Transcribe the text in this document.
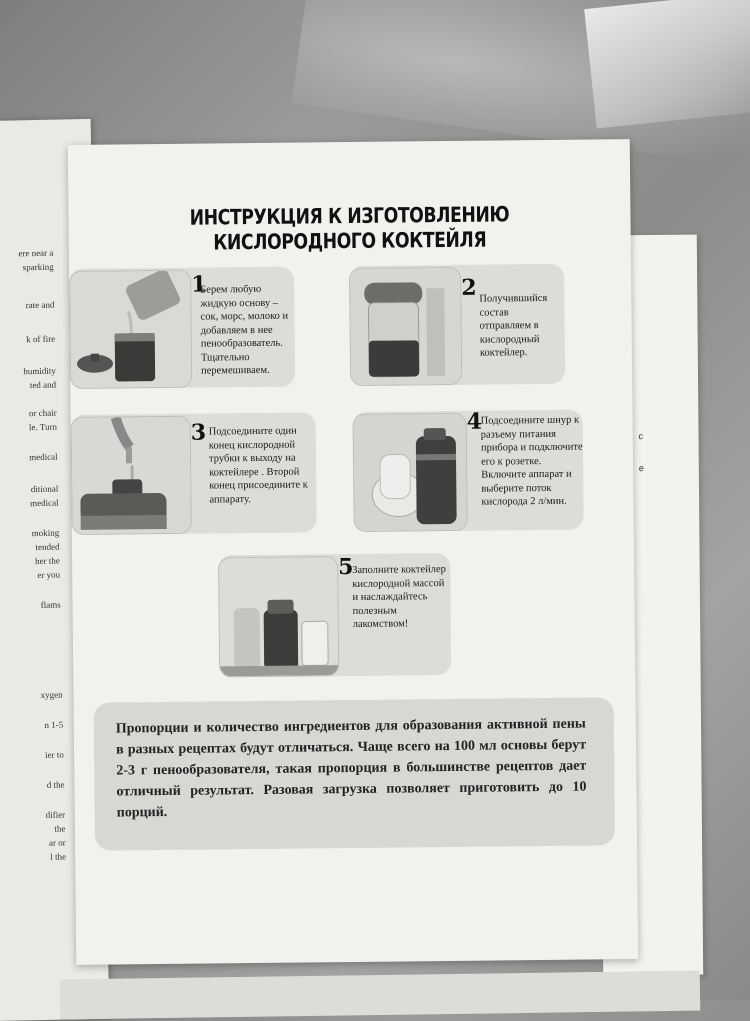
ere near a
sparking
rate and
k of fire
humidity
ted and
or chair
le. Turn
medical
ditional
medical
moking
tended
her the
er you
flams
xygen
n 1-5
ier to
d the
difier
the
ar or
l the
c
e
ИНСТРУКЦИЯ К ИЗГОТОВЛЕНИЮ КИСЛОРОДНОГО КОКТЕЙЛЯ
1
Берем любую жидкую основу – сок, морс, молоко и добавляем в нее пенообразователь. Тщательно перемешиваем.
2 Получившийся состав отправляем в кислородный коктейлер.
3 Подсоедините один конец кислородной трубки к выходу на коктейлере . Второй конец присоедините к аппарату.
4
Подсоедините шнур к разъему питания прибора и подключите его к розетке. Включите аппарат и выберите поток кислорода 2 л/мин.
5
Заполните коктейлер кислородной массой и наслаждайтесь полезным лакомством!

Пропорции и количество ингредиентов для образования активной пены в разных рецептах будут отличаться. Чаще всего на 100 мл основы берут 2-3 г пенообразователя, такая пропорция в большинстве рецептов дает отличный результат. Разовая загрузка позволяет приготовить до 10 порций.
